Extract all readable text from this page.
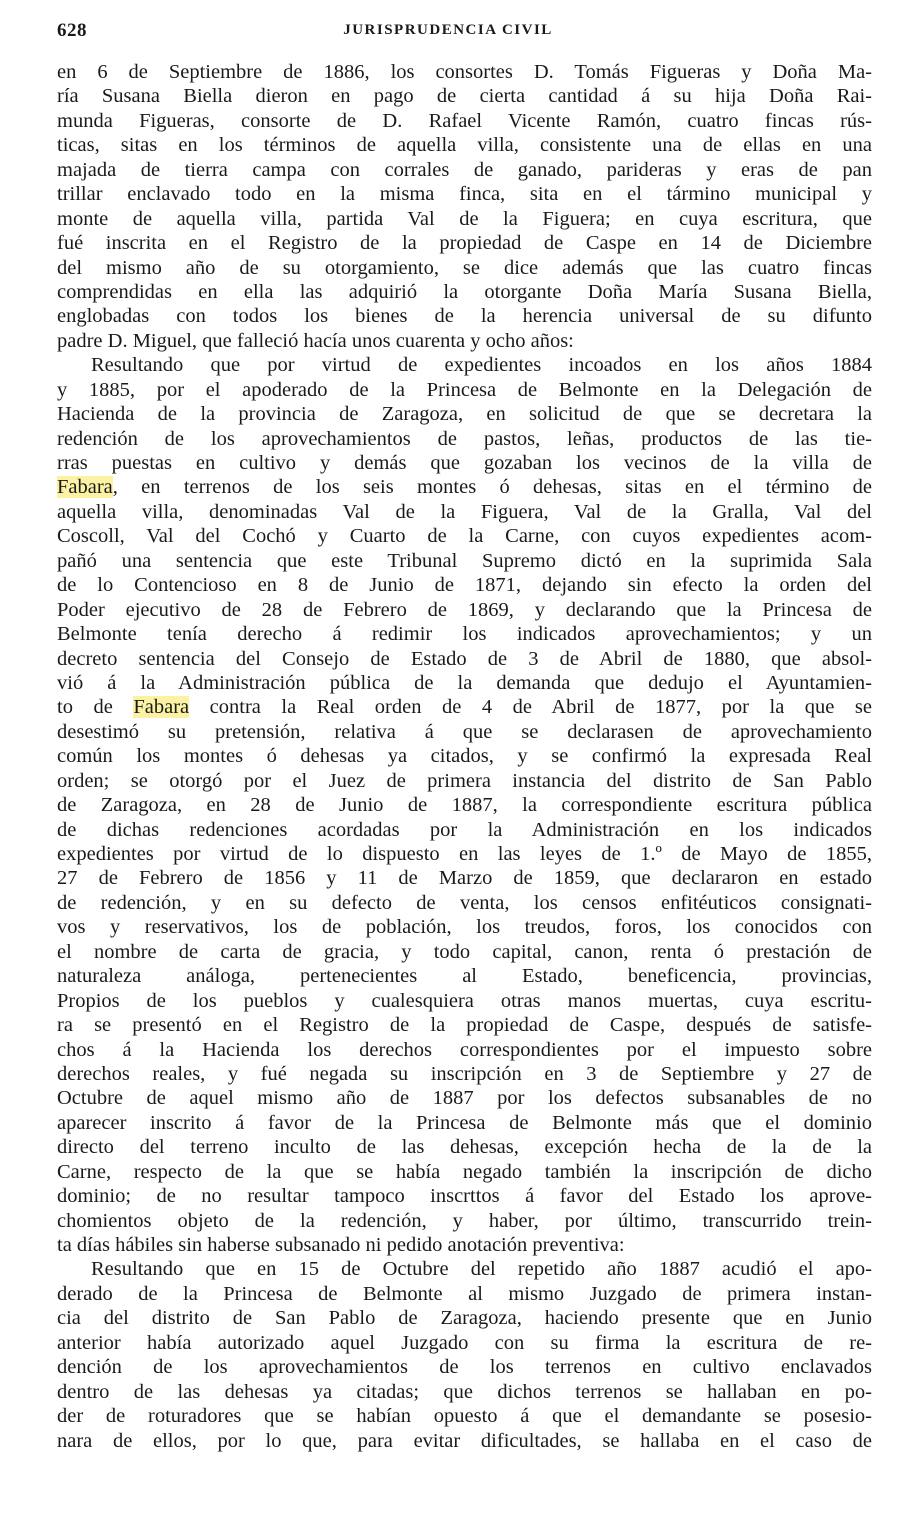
628	JURISPRUDENCIA CIVIL
en 6 de Septiembre de 1886, los consortes D. Tomás Figueras y Doña Ma-
ría Susana Biella dieron en pago de cierta cantidad á su hija Doña Rai-
munda Figueras, consorte de D. Rafael Vicente Ramón, cuatro fincas rús-
ticas, sitas en los términos de aquella villa, consistente una de ellas en una
majada de tierra campa con corrales de ganado, parideras y eras de pan
trillar enclavado todo en la misma finca, sita en el tármino municipal y
monte de aquella villa, partida Val de la Figuera; en cuya escritura, que
fué inscrita en el Registro de la propiedad de Caspe en 14 de Diciembre
del mismo año de su otorgamiento, se dice además que las cuatro fincas
comprendidas en ella las adquirió la otorgante Doña María Susana Biella,
englobadas con todos los bienes de la herencia universal de su difunto
padre D. Miguel, que falleció hacía unos cuarenta y ocho años:
Resultando que por virtud de expedientes incoados en los años 1884
y 1885, por el apoderado de la Princesa de Belmonte en la Delegación de
Hacienda de la provincia de Zaragoza, en solicitud de que se decretara la
redención de los aprovechamientos de pastos, leñas, productos de las tie-
rras puestas en cultivo y demás que gozaban los vecinos de la villa de
Fabara, en terrenos de los seis montes ó dehesas, sitas en el término de
aquella villa, denominadas Val de la Figuera, Val de la Gralla, Val del
Coscoll, Val del Cochó y Cuarto de la Carne, con cuyos expedientes acom-
pañó una sentencia que este Tribunal Supremo dictó en la suprimida Sala
de lo Contencioso en 8 de Junio de 1871, dejando sin efecto la orden del
Poder ejecutivo de 28 de Febrero de 1869, y declarando que la Princesa de
Belmonte tenía derecho á redimir los indicados aprovechamientos; y un
decreto sentencia del Consejo de Estado de 3 de Abril de 1880, que absol-
vió á la Administración pública de la demanda que dedujo el Ayuntamien-
to de Fabara contra la Real orden de 4 de Abril de 1877, por la que se
desestimó su pretensión, relativa á que se declarasen de aprovechamiento
común los montes ó dehesas ya citados, y se confirmó la expresada Real
orden; se otorgó por el Juez de primera instancia del distrito de San Pablo
de Zaragoza, en 28 de Junio de 1887, la correspondiente escritura pública
de dichas redenciones acordadas por la Administración en los indicados
expedientes por virtud de lo dispuesto en las leyes de 1.º de Mayo de 1855,
27 de Febrero de 1856 y 11 de Marzo de 1859, que declararon en estado
de redención, y en su defecto de venta, los censos enfitéuticos consignati-
vos y reservativos, los de población, los treudos, foros, los conocidos con
el nombre de carta de gracia, y todo capital, canon, renta ó prestación de
naturaleza análoga, pertenecientes al Estado, beneficencia, provincias,
Propios de los pueblos y cualesquiera otras manos muertas, cuya escritu-
ra se presentó en el Registro de la propiedad de Caspe, después de satisfe-
chos á la Hacienda los derechos correspondientes por el impuesto sobre
derechos reales, y fué negada su inscripción en 3 de Septiembre y 27 de
Octubre de aquel mismo año de 1887 por los defectos subsanables de no
aparecer inscrito á favor de la Princesa de Belmonte más que el dominio
directo del terreno inculto de las dehesas, excepción hecha de la de la
Carne, respecto de la que se había negado también la inscripción de dicho
dominio; de no resultar tampoco inscrttos á favor del Estado los aprove-
chomientos objeto de la redención, y haber, por último, transcurrido trein-
ta días hábiles sin haberse subsanado ni pedido anotación preventiva:
Resultando que en 15 de Octubre del repetido año 1887 acudió el apo-
derado de la Princesa de Belmonte al mismo Juzgado de primera instan-
cia del distrito de San Pablo de Zaragoza, haciendo presente que en Junio
anterior había autorizado aquel Juzgado con su firma la escritura de re-
dención de los aprovechamientos de los terrenos en cultivo enclavados
dentro de las dehesas ya citadas; que dichos terrenos se hallaban en po-
der de roturadores que se habían opuesto á que el demandante se posesio-
nara de ellos, por lo que, para evitar dificultades, se hallaba en el caso de
